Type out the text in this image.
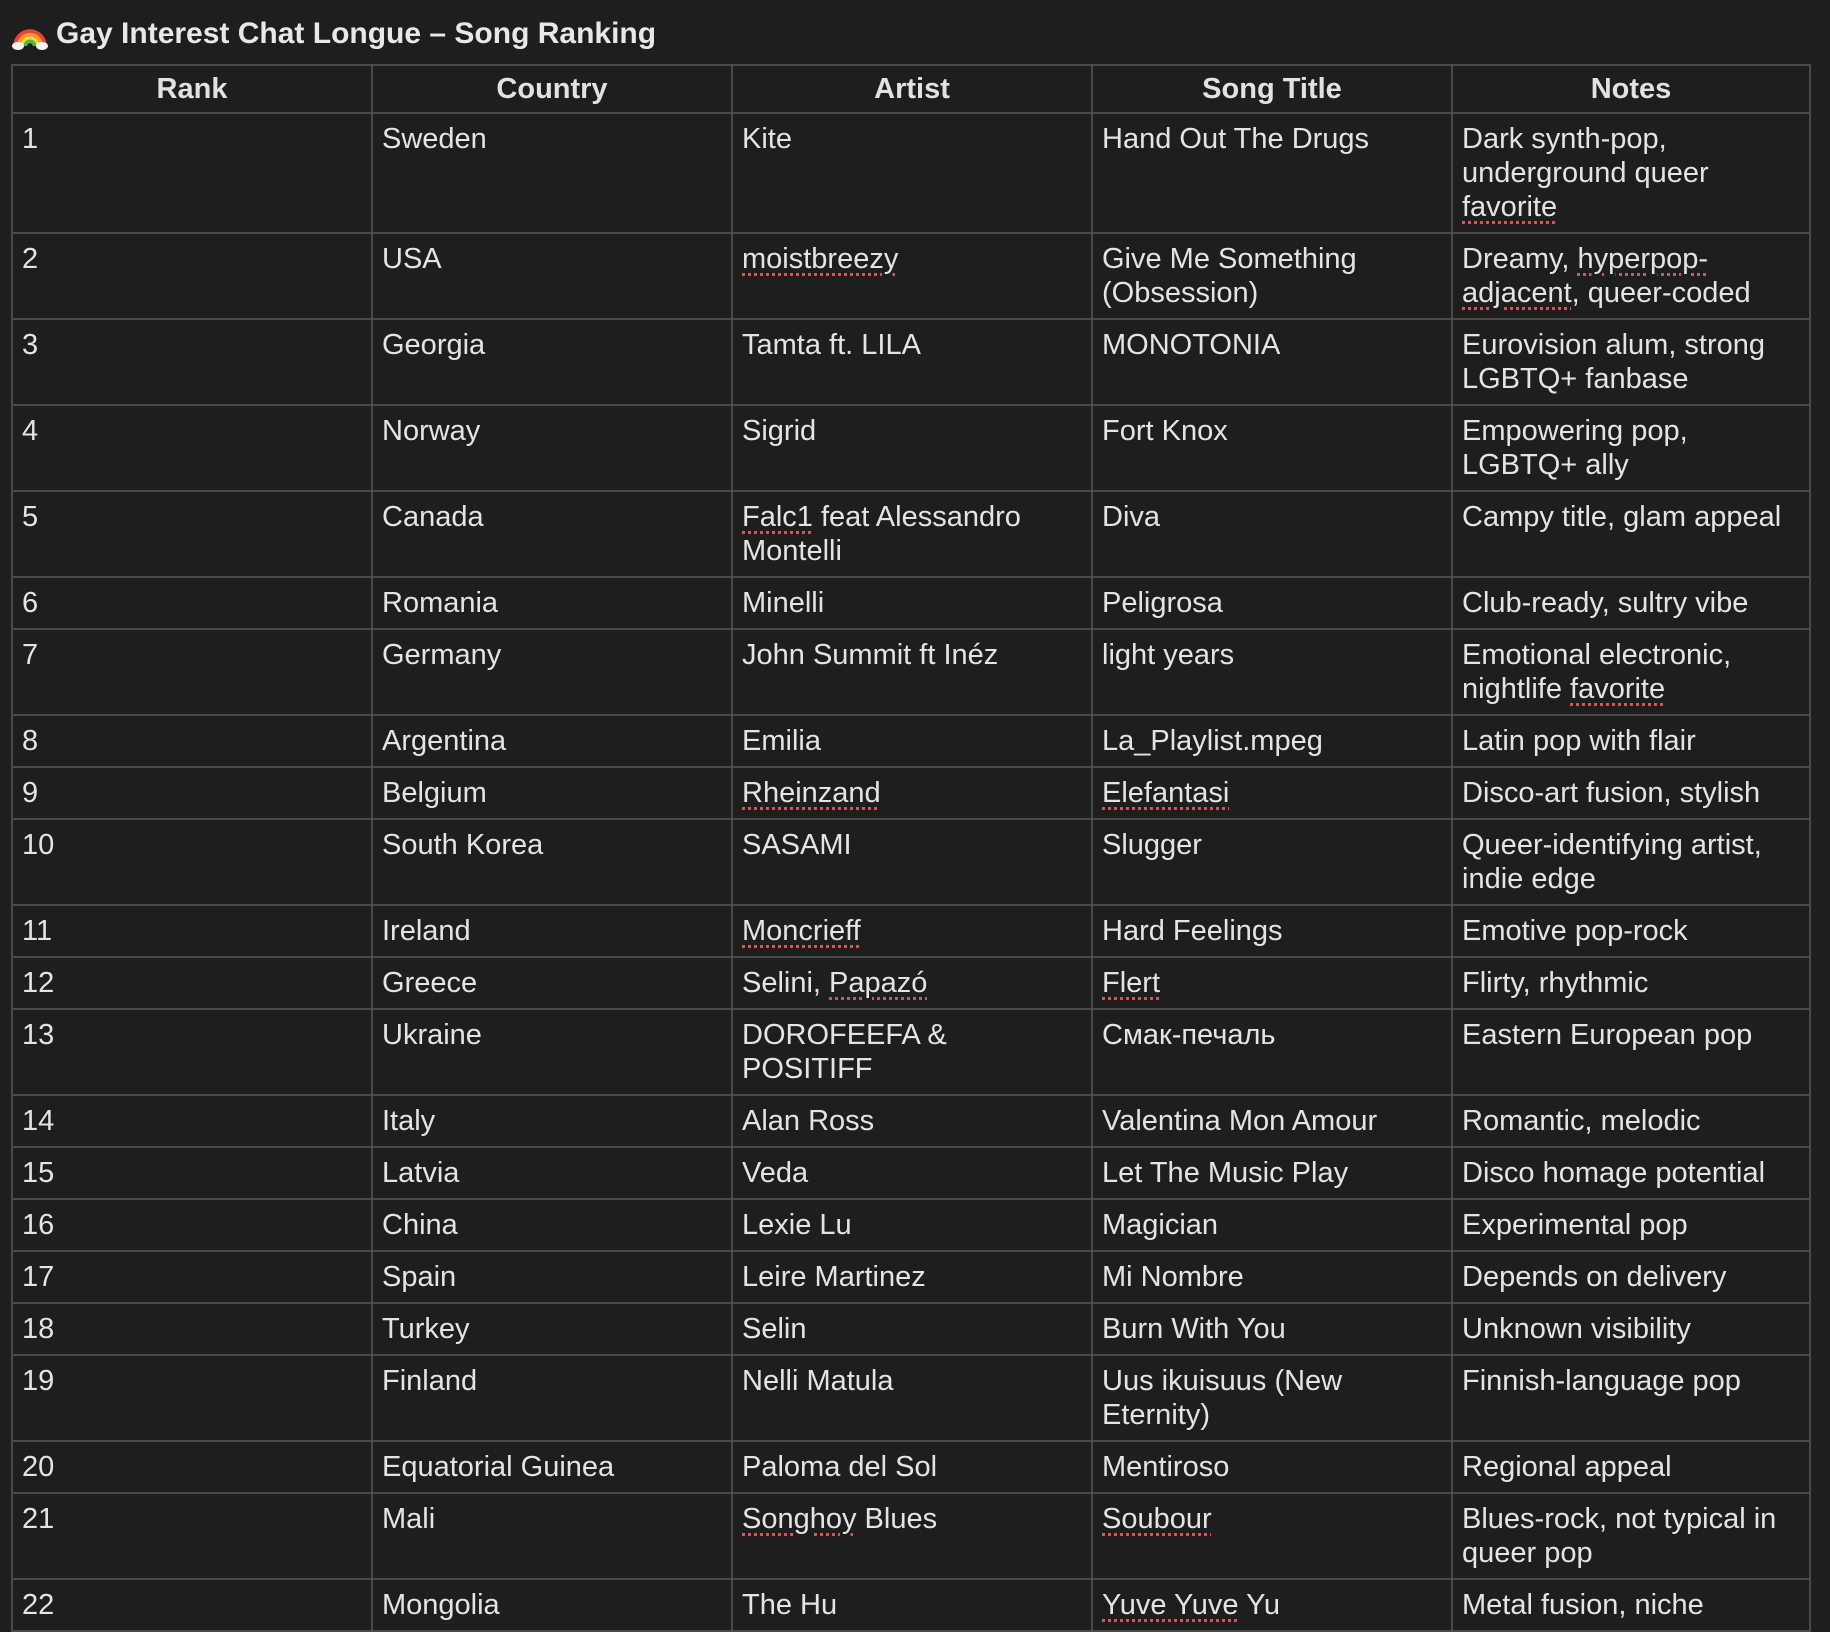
Gay Interest Chat Longue – Song Ranking
Rank	Country	Artist	Song Title	Notes
1	Sweden	Kite	Hand Out The Drugs	Dark synth-pop, underground queer favorite
2	USA	moistbreezy	Give Me Something (Obsession)	Dreamy, hyperpop-adjacent, queer-coded
3	Georgia	Tamta ft. LILA	MONOTONIA	Eurovision alum, strong LGBTQ+ fanbase
4	Norway	Sigrid	Fort Knox	Empowering pop, LGBTQ+ ally
5	Canada	Falc1 feat Alessandro Montelli	Diva	Campy title, glam appeal
6	Romania	Minelli	Peligrosa	Club-ready, sultry vibe
7	Germany	John Summit ft Inéz	light years	Emotional electronic, nightlife favorite
8	Argentina	Emilia	La_Playlist.mpeg	Latin pop with flair
9	Belgium	Rheinzand	Elefantasi	Disco-art fusion, stylish
10	South Korea	SASAMI	Slugger	Queer-identifying artist, indie edge
11	Ireland	Moncrieff	Hard Feelings	Emotive pop-rock
12	Greece	Selini, Papazó	Flert	Flirty, rhythmic
13	Ukraine	DOROFEEFA & POSITIFF	Смак-печаль	Eastern European pop
14	Italy	Alan Ross	Valentina Mon Amour	Romantic, melodic
15	Latvia	Veda	Let The Music Play	Disco homage potential
16	China	Lexie Lu	Magician	Experimental pop
17	Spain	Leire Martinez	Mi Nombre	Depends on delivery
18	Turkey	Selin	Burn With You	Unknown visibility
19	Finland	Nelli Matula	Uus ikuisuus (New Eternity)	Finnish-language pop
20	Equatorial Guinea	Paloma del Sol	Mentiroso	Regional appeal
21	Mali	Songhoy Blues	Soubour	Blues-rock, not typical in queer pop
22	Mongolia	The Hu	Yuve Yuve Yu	Metal fusion, niche
